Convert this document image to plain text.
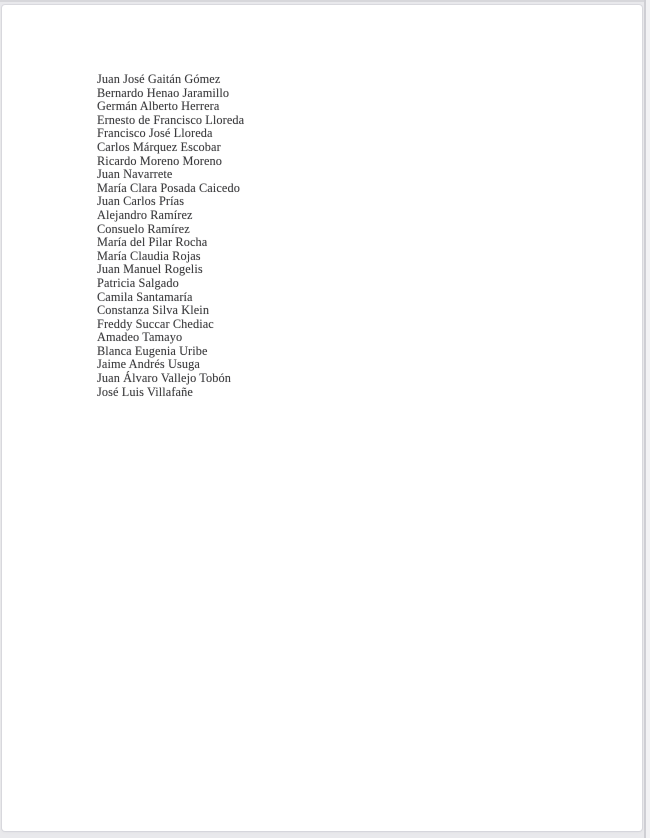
Juan José Gaitán Gómez
Bernardo Henao Jaramillo
Germán Alberto Herrera
Ernesto de Francisco Lloreda
Francisco José Lloreda
Carlos Márquez Escobar
Ricardo Moreno Moreno
Juan Navarrete
María Clara Posada Caicedo
Juan Carlos Prías
Alejandro Ramírez
Consuelo Ramírez
María del Pilar Rocha
María Claudia Rojas
Juan Manuel Rogelis
Patricia Salgado
Camila Santamaría
Constanza Silva Klein
Freddy Succar Chediac
Amadeo Tamayo
Blanca Eugenia Uribe
Jaime Andrés Usuga
Juan Álvaro Vallejo Tobón
José Luis Villafañe
